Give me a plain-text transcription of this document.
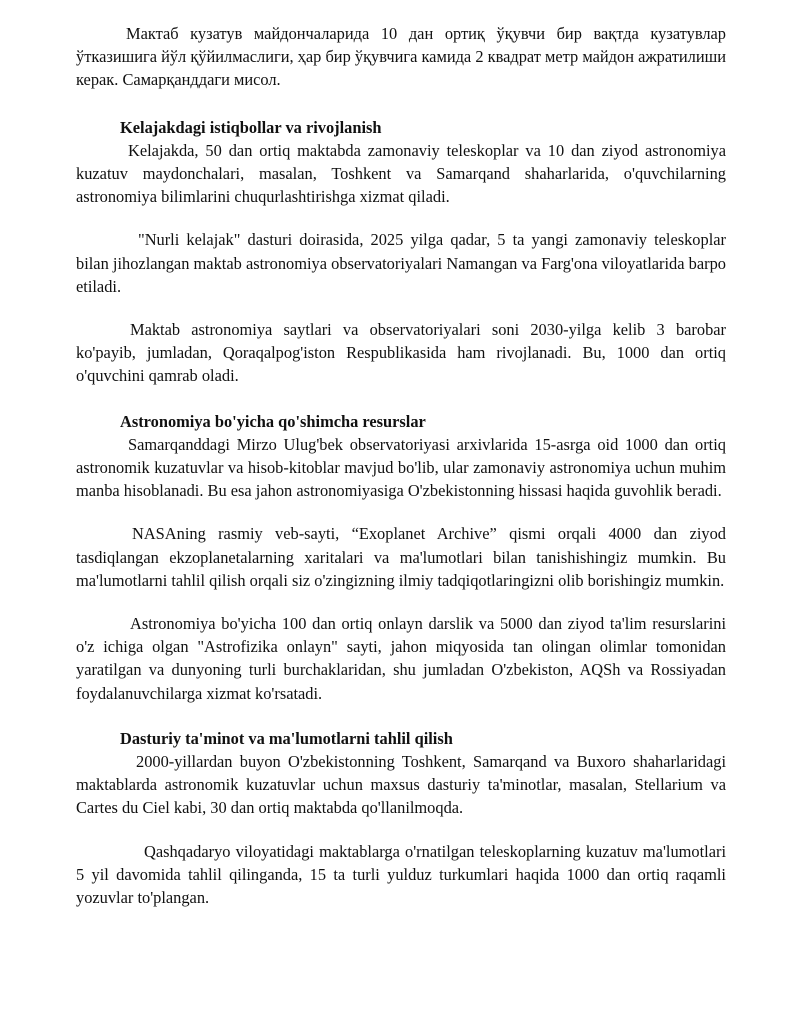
Мактаб кузатув майдончаларида 10 дан ортиқ ўқувчи бир вақтда кузатувлар ўтказишига йўл қўйилмаслиги, ҳар бир ўқувчига камида 2 квадрат метр майдон ажратилиши керак. Самарқанддаги мисол.

Kelajakdagi istiqbollar va rivojlanish

Kelajakda, 50 dan ortiq maktabda zamonaviy teleskoplar va 10 dan ziyod astronomiya kuzatuv maydonchalari, masalan, Toshkent va Samarqand shaharlarida, o'quvchilarning astronomiya bilimlarini chuqurlashtirishga xizmat qiladi.

"Nurli kelajak" dasturi doirasida, 2025 yilga qadar, 5 ta yangi zamonaviy teleskoplar bilan jihozlangan maktab astronomiya observatoriyalari Namangan va Farg'ona viloyatlarida barpo etiladi.

Maktab astronomiya saytlari va observatoriyalari soni 2030-yilga kelib 3 barobar ko'payib, jumladan, Qoraqalpog'iston Respublikasida ham rivojlanadi. Bu, 1000 dan ortiq o'quvchini qamrab oladi.

Astronomiya bo'yicha qo'shimcha resurslar

Samarqanddagi Mirzo Ulug'bek observatoriyasi arxivlarida 15-asrga oid 1000 dan ortiq astronomik kuzatuvlar va hisob-kitoblar mavjud bo'lib, ular zamonaviy astronomiya uchun muhim manba hisoblanadi. Bu esa jahon astronomiyasiga O'zbekistonning hissasi haqida guvohlik beradi.

NASAning rasmiy veb-sayti, “Exoplanet Archive” qismi orqali 4000 dan ziyod tasdiqlangan ekzoplanetalarning xaritalari va ma'lumotlari bilan tanishishingiz mumkin. Bu ma'lumotlarni tahlil qilish orqali siz o'zingizning ilmiy tadqiqotlaringizni olib borishingiz mumkin.

Astronomiya bo'yicha 100 dan ortiq onlayn darslik va 5000 dan ziyod ta'lim resurslarini o'z ichiga olgan "Astrofizika onlayn" sayti, jahon miqyosida tan olingan olimlar tomonidan yaratilgan va dunyoning turli burchaklaridan, shu jumladan O'zbekiston, AQSh va Rossiyadan foydalanuvchilarga xizmat ko'rsatadi.

Dasturiy ta'minot va ma'lumotlarni tahlil qilish

2000-yillardan buyon O'zbekistonning Toshkent, Samarqand va Buxoro shaharlaridagi maktablarda astronomik kuzatuvlar uchun maxsus dasturiy ta'minotlar, masalan, Stellarium va Cartes du Ciel kabi, 30 dan ortiq maktabda qo'llanilmoqda.

Qashqadaryo viloyatidagi maktablarga o'rnatilgan teleskoplarning kuzatuv ma'lumotlari 5 yil davomida tahlil qilinganda, 15 ta turli yulduz turkumlari haqida 1000 dan ortiq raqamli yozuvlar to'plangan.
